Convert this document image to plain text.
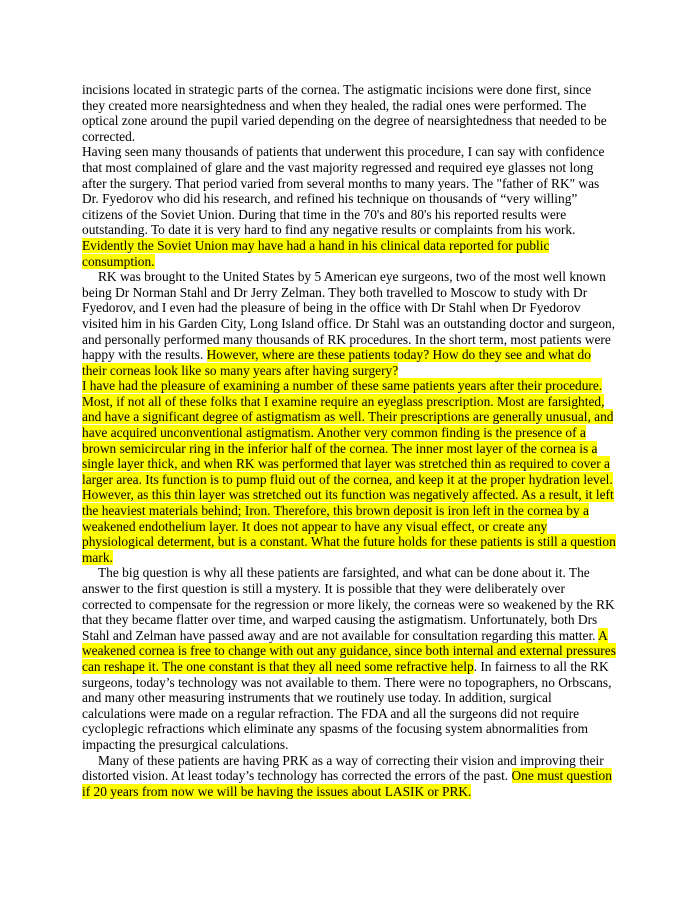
incisions located in strategic parts of the cornea. The astigmatic incisions were done first, since they created more nearsightedness and when they healed, the radial ones were performed. The optical zone around the pupil varied depending on the degree of nearsightedness that needed to be corrected.

Having seen many thousands of patients that underwent this procedure, I can say with confidence that most complained of glare and the vast majority regressed and required eye glasses not long after the surgery. That period varied from several months to many years. The "father of RK" was Dr. Fyedorov who did his research, and refined his technique on thousands of “very willing” citizens of the Soviet Union. During that time in the 70's and 80's his reported results were outstanding. To date it is very hard to find any negative results or complaints from his work. Evidently the Soviet Union may have had a hand in his clinical data reported for public consumption.

RK was brought to the United States by 5 American eye surgeons, two of the most well known being Dr Norman Stahl and Dr Jerry Zelman. They both travelled to Moscow to study with Dr Fyedorov, and I even had the pleasure of being in the office with Dr Stahl when Dr Fyedorov visited him in his Garden City, Long Island office. Dr Stahl was an outstanding doctor and surgeon, and personally performed many thousands of RK procedures. In the short term, most patients were happy with the results. However, where are these patients today? How do they see and what do their corneas look like so many years after having surgery?

I have had the pleasure of examining a number of these same patients years after their procedure. Most, if not all of these folks that I examine require an eyeglass prescription. Most are farsighted, and have a significant degree of astigmatism as well. Their prescriptions are generally unusual, and have acquired unconventional astigmatism. Another very common finding is the presence of a brown semicircular ring in the inferior half of the cornea. The inner most layer of the cornea is a single layer thick, and when RK was performed that layer was stretched thin as required to cover a larger area. Its function is to pump fluid out of the cornea, and keep it at the proper hydration level. However, as this thin layer was stretched out its function was negatively affected. As a result, it left the heaviest materials behind; Iron. Therefore, this brown deposit is iron left in the cornea by a weakened endothelium layer. It does not appear to have any visual effect, or create any physiological determent, but is a constant. What the future holds for these patients is still a question mark.

The big question is why all these patients are farsighted, and what can be done about it. The answer to the first question is still a mystery. It is possible that they were deliberately over corrected to compensate for the regression or more likely, the corneas were so weakened by the RK that they became flatter over time, and warped causing the astigmatism. Unfortunately, both Drs Stahl and Zelman have passed away and are not available for consultation regarding this matter. A weakened cornea is free to change with out any guidance, since both internal and external pressures can reshape it. The one constant is that they all need some refractive help. In fairness to all the RK surgeons, today’s technology was not available to them. There were no topographers, no Orbscans, and many other measuring instruments that we routinely use today. In addition, surgical calculations were made on a regular refraction. The FDA and all the surgeons did not require cycloplegic refractions which eliminate any spasms of the focusing system abnormalities from impacting the presurgical calculations.

Many of these patients are having PRK as a way of correcting their vision and improving their distorted vision. At least today’s technology has corrected the errors of the past. One must question if 20 years from now we will be having the issues about LASIK or PRK.
